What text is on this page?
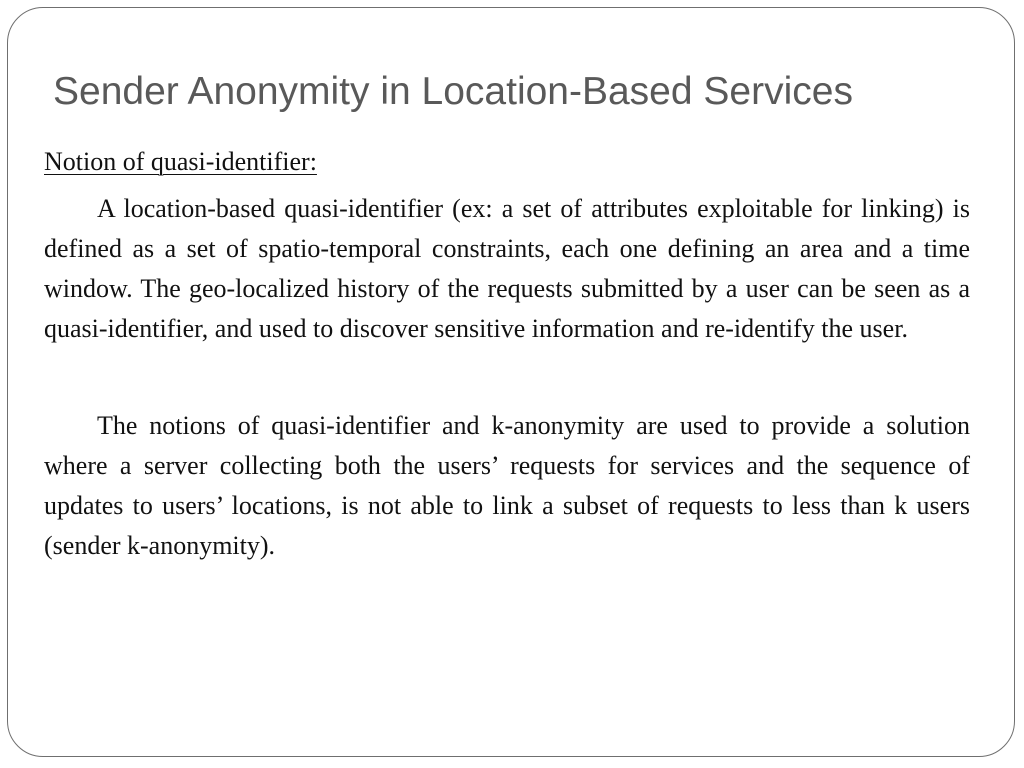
Sender Anonymity in Location-Based Services

Notion of quasi-identifier:

A location-based quasi-identifier (ex: a set of attributes exploitable for linking) is defined as a set of spatio-temporal constraints, each one defining an area and a time window. The geo-localized history of the requests submitted by a user can be seen as a quasi-identifier, and used to discover sensitive information and re-identify the user.

The notions of quasi-identifier and k-anonymity are used to provide a solution where a server collecting both the users’ requests for services and the sequence of updates to users’ locations, is not able to link a subset of requests to less than k users (sender k-anonymity).
